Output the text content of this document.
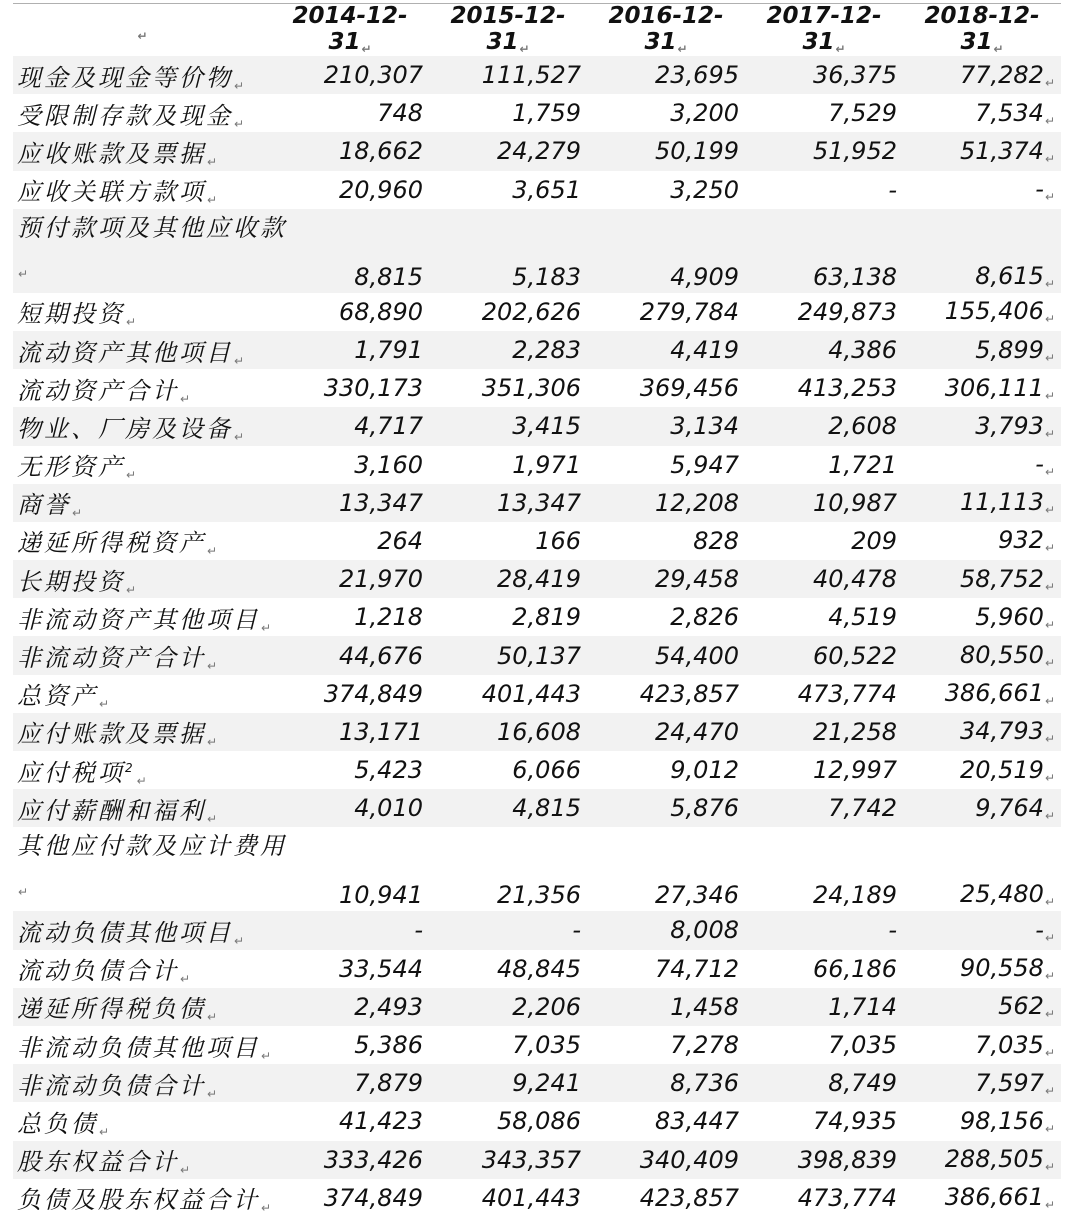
↵	2014-12-31↵	2015-12-31↵	2016-12-31↵	2017-12-31↵	2018-12-31↵
现金及现金等价物↵	210,307	111,527	23,695	36,375	77,282↵
受限制存款及现金↵	748	1,759	3,200	7,529	7,534↵
应收账款及票据↵	18,662	24,279	50,199	51,952	51,374↵
应收关联方款项↵	20,960	3,651	3,250	-	-↵

预付款项及其他应收款↵	8,815	5,183	4,909	63,138	8,615↵
短期投资↵	68,890	202,626	279,784	249,873	155,406↵
流动资产其他项目↵	1,791	2,283	4,419	4,386	5,899↵
流动资产合计↵	330,173	351,306	369,456	413,253	306,111↵
物业、厂房及设备↵	4,717	3,415	3,134	2,608	3,793↵
无形资产↵	3,160	1,971	5,947	1,721	-↵
商誉↵	13,347	13,347	12,208	10,987	11,113↵
递延所得税资产↵	264	166	828	209	932↵
长期投资↵	21,970	28,419	29,458	40,478	58,752↵
非流动资产其他项目↵	1,218	2,819	2,826	4,519	5,960↵
非流动资产合计↵	44,676	50,137	54,400	60,522	80,550↵
总资产↵	374,849	401,443	423,857	473,774	386,661↵
应付账款及票据↵	13,171	16,608	24,470	21,258	34,793↵
应付税项$^2$↵	5,423	6,066	9,012	12,997	20,519↵
应付薪酬和福利↵	4,010	4,815	5,876	7,742	9,764↵

其他应付款及应计费用↵	10,941	21,356	27,346	24,189	25,480↵
流动负债其他项目↵	-	-	8,008	-	-↵
流动负债合计↵	33,544	48,845	74,712	66,186	90,558↵
递延所得税负债↵	2,493	2,206	1,458	1,714	562↵
非流动负债其他项目↵	5,386	7,035	7,278	7,035	7,035↵
非流动负债合计↵	7,879	9,241	8,736	8,749	7,597↵
总负债↵	41,423	58,086	83,447	74,935	98,156↵
股东权益合计↵	333,426	343,357	340,409	398,839	288,505↵
负债及股东权益合计↵	374,849	401,443	423,857	473,774	386,661↵
